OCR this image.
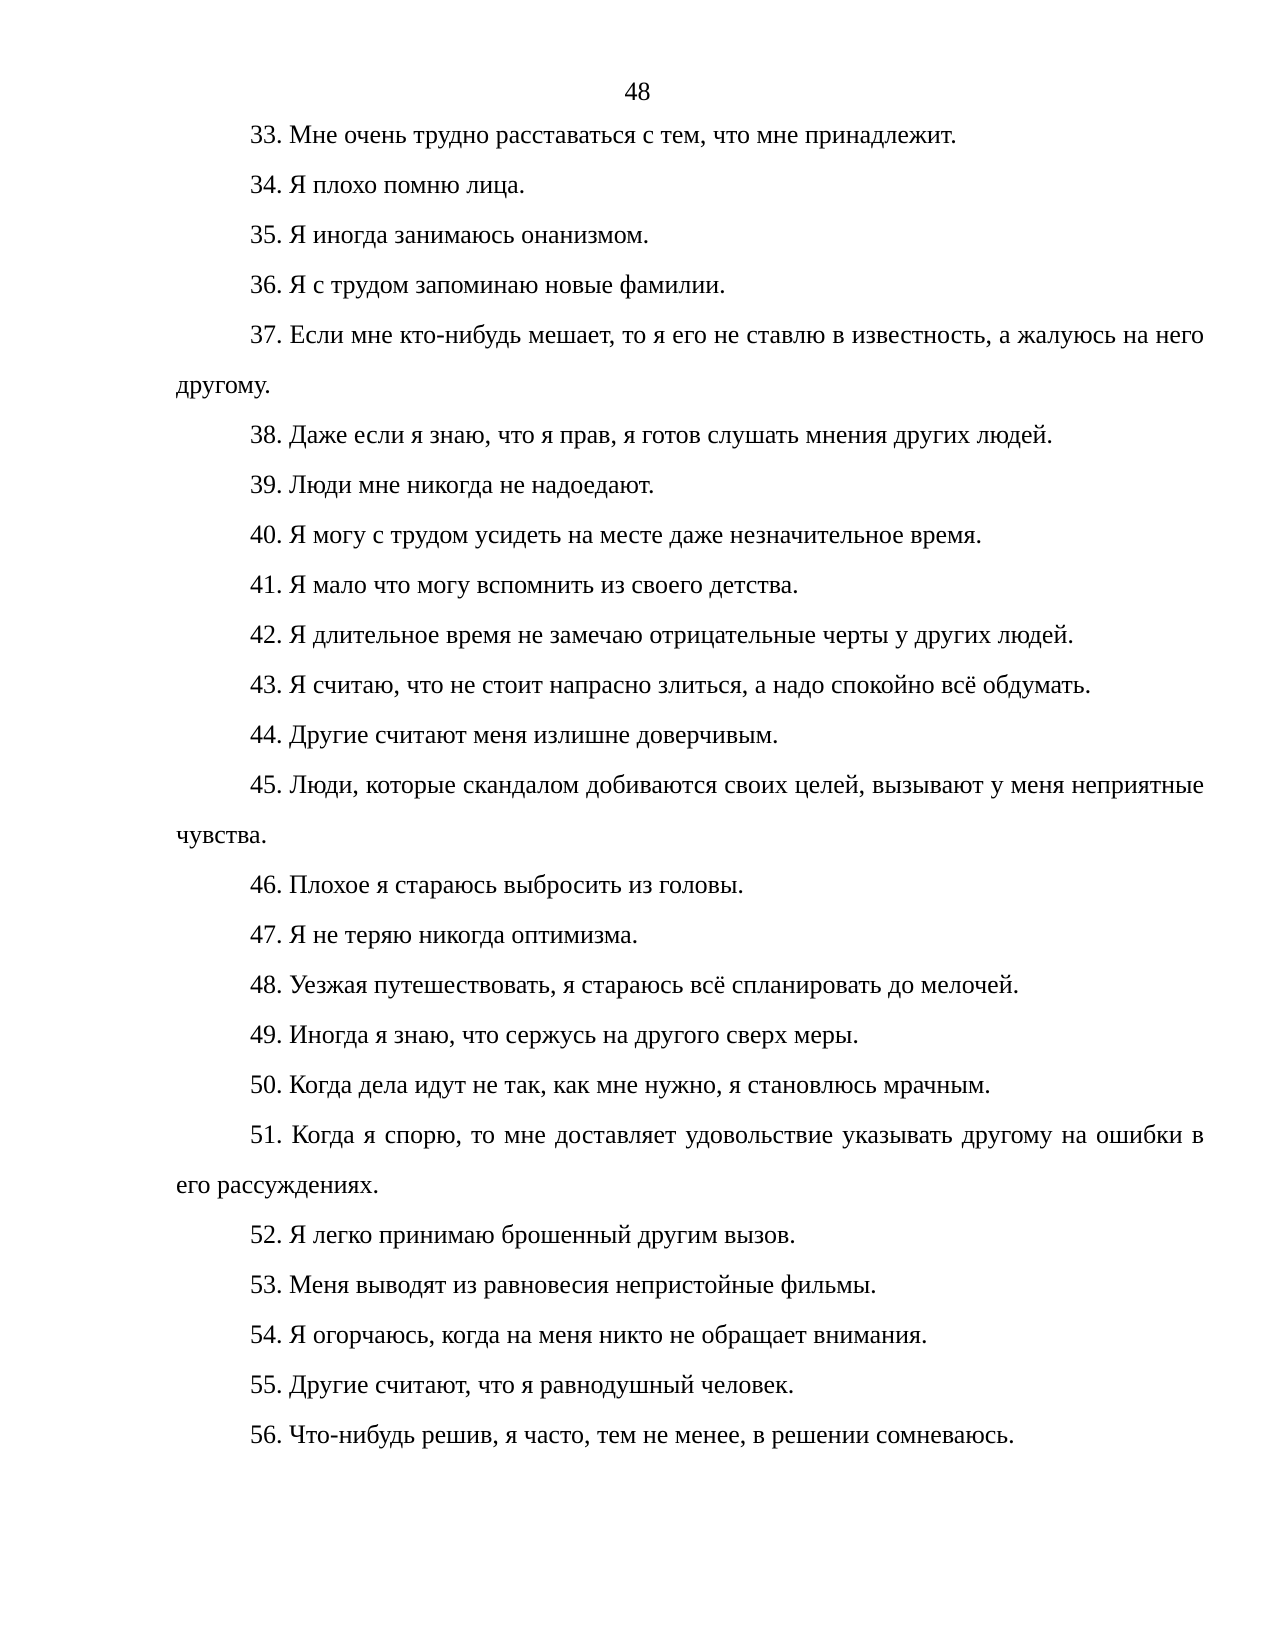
48

33. Мне очень трудно расставаться с тем, что мне принадлежит.

34. Я плохо помню лица.

35. Я иногда занимаюсь онанизмом.

36. Я с трудом запоминаю новые фамилии.

37. Если мне кто-нибудь мешает, то я его не ставлю в известность, а жалуюсь на него другому.

38. Даже если я знаю, что я прав, я готов слушать мнения других людей.

39. Люди мне никогда не надоедают.

40. Я могу с трудом усидеть на месте даже незначительное время.

41. Я мало что могу вспомнить из своего детства.

42. Я длительное время не замечаю отрицательные черты у других людей.

43. Я считаю, что не стоит напрасно злиться, а надо спокойно всё обдумать.

44. Другие считают меня излишне доверчивым.

45. Люди, которые скандалом добиваются своих целей, вызывают у меня неприятные чувства.

46. Плохое я стараюсь выбросить из головы.

47. Я не теряю никогда оптимизма.

48. Уезжая путешествовать, я стараюсь всё спланировать до мелочей.

49. Иногда я знаю, что сержусь на другого сверх меры.

50. Когда дела идут не так, как мне нужно, я становлюсь мрачным.

51. Когда я спорю, то мне доставляет удовольствие указывать другому на ошибки в его рассуждениях.

52. Я легко принимаю брошенный другим вызов.

53. Меня выводят из равновесия непристойные фильмы.

54. Я огорчаюсь, когда на меня никто не обращает внимания.

55. Другие считают, что я равнодушный человек.

56. Что-нибудь решив, я часто, тем не менее, в решении сомневаюсь.
